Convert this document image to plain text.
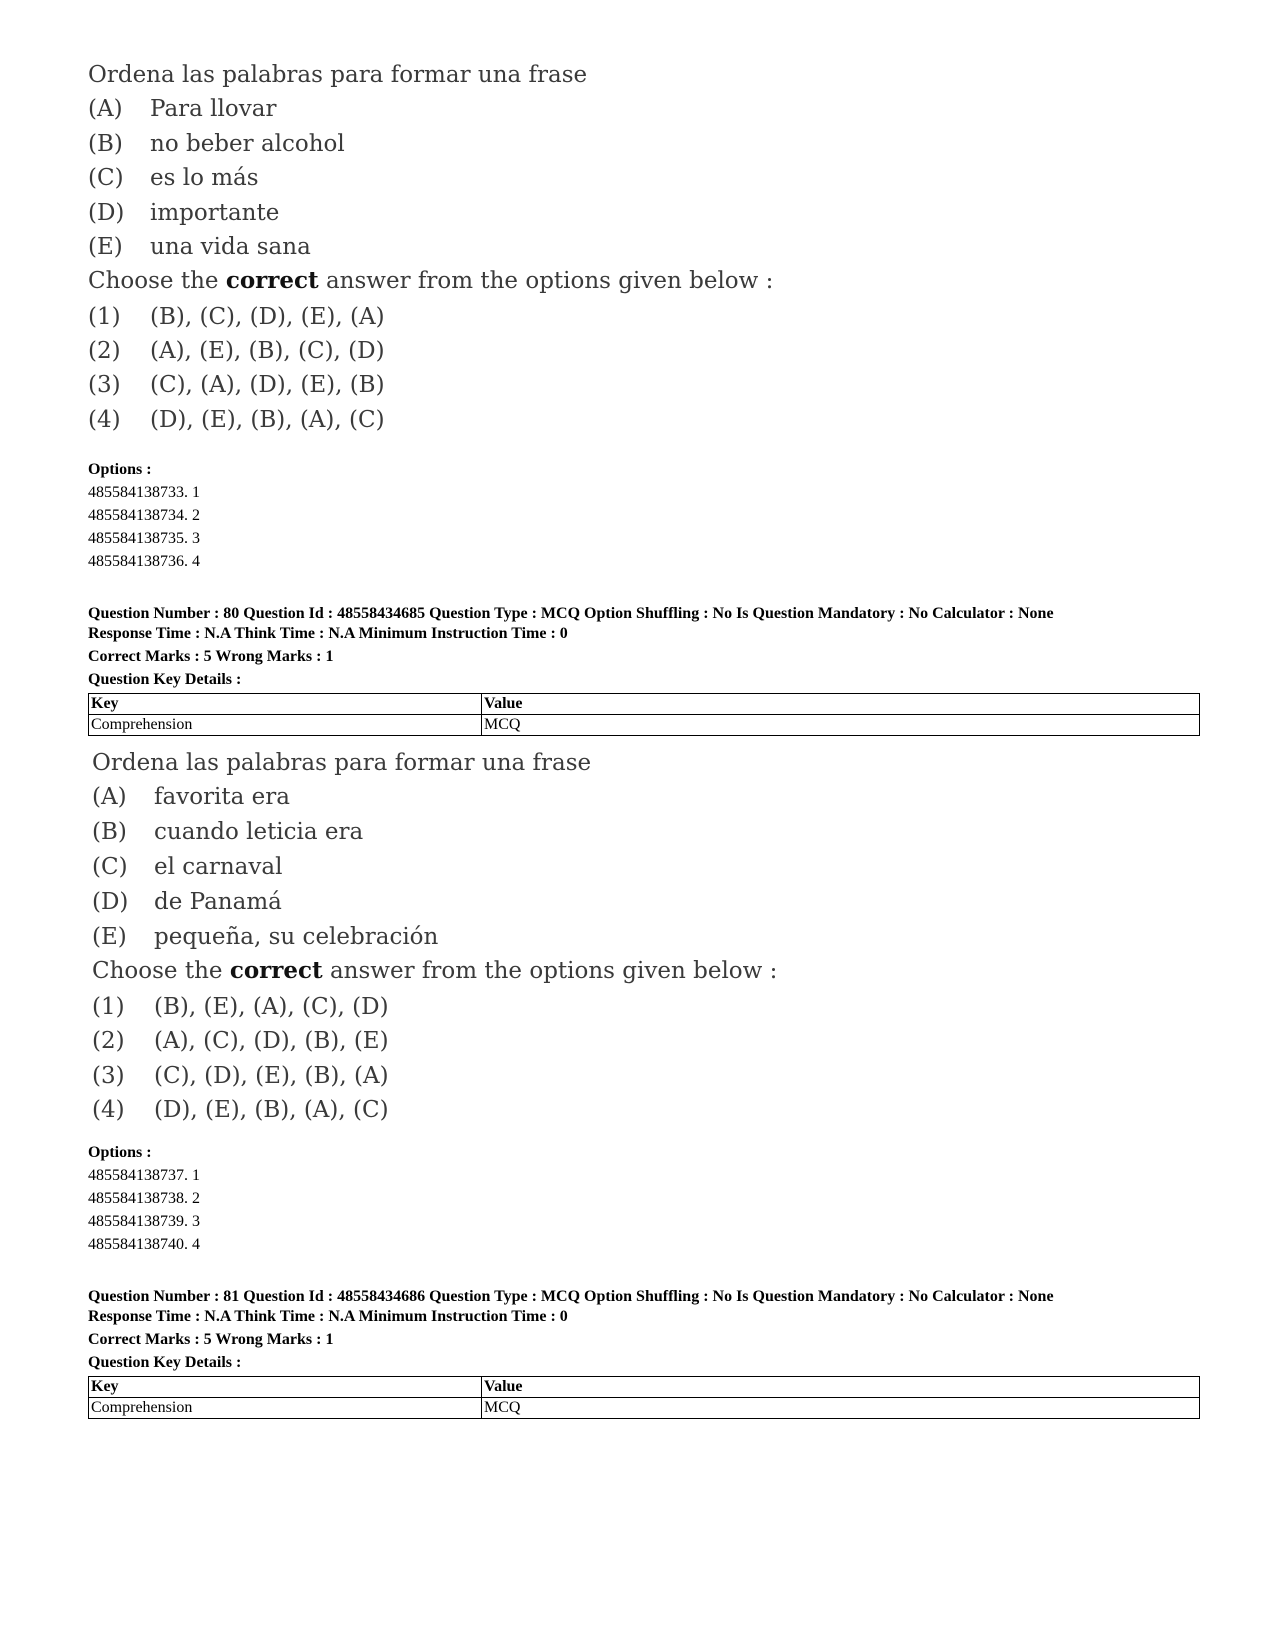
Ordena las palabras para formar una frase
(A) Para llovar
(B) no beber alcohol
(C) es lo más
(D) importante
(E) una vida sana
Choose the correct answer from the options given below :
(1) (B), (C), (D), (E), (A)
(2) (A), (E), (B), (C), (D)
(3) (C), (A), (D), (E), (B)
(4) (D), (E), (B), (A), (C)
Options :
485584138733. 1
485584138734. 2
485584138735. 3
485584138736. 4
Question Number : 80 Question Id : 48558434685 Question Type : MCQ Option Shuffling : No Is Question Mandatory : No Calculator : None
Response Time : N.A Think Time : N.A Minimum Instruction Time : 0
Correct Marks : 5 Wrong Marks : 1
Question Key Details :
Key	Value
Comprehension	MCQ
Ordena las palabras para formar una frase
(A) favorita era
(B) cuando leticia era
(C) el carnaval
(D) de Panamá
(E) pequeña, su celebración
Choose the correct answer from the options given below :
(1) (B), (E), (A), (C), (D)
(2) (A), (C), (D), (B), (E)
(3) (C), (D), (E), (B), (A)
(4) (D), (E), (B), (A), (C)
Options :
485584138737. 1
485584138738. 2
485584138739. 3
485584138740. 4
Question Number : 81 Question Id : 48558434686 Question Type : MCQ Option Shuffling : No Is Question Mandatory : No Calculator : None
Response Time : N.A Think Time : N.A Minimum Instruction Time : 0
Correct Marks : 5 Wrong Marks : 1
Question Key Details :
Key	Value
Comprehension	MCQ
